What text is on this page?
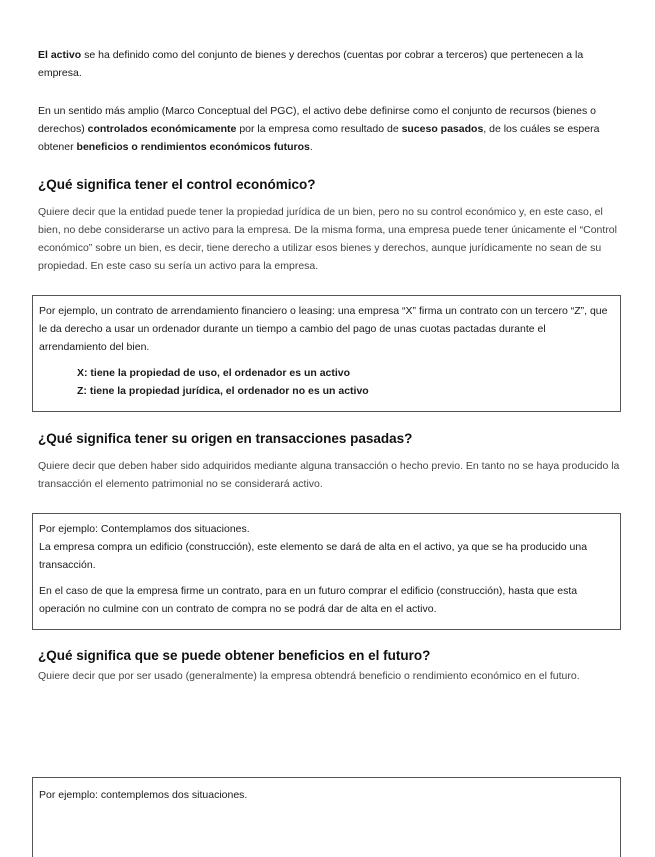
El activo se ha definido como del conjunto de bienes y derechos (cuentas por cobrar a terceros) que pertenecen a la empresa.

En un sentido más amplio (Marco Conceptual del PGC), el activo debe definirse como el conjunto de recursos (bienes o derechos) controlados económicamente por la empresa como resultado de suceso pasados, de los cuáles se espera obtener beneficios o rendimientos económicos futuros.

¿Qué significa tener el control económico?

Quiere decir que la entidad puede tener la propiedad jurídica de un bien, pero no su control económico y, en este caso, el bien, no debe considerarse un activo para la empresa. De la misma forma, una empresa puede tener únicamente el “Control económico” sobre un bien, es decir, tiene derecho a utilizar esos bienes y derechos, aunque jurídicamente no sean de su propiedad. En este caso su sería un activo para la empresa.

Por ejemplo, un contrato de arrendamiento financiero o leasing: una empresa “X” firma un contrato con un tercero “Z”, que le da derecho a usar un ordenador durante un tiempo a cambio del pago de unas cuotas pactadas durante el arrendamiento del bien.

X: tiene la propiedad de uso, el ordenador es un activo

Z: tiene la propiedad jurídica, el ordenador no es un activo

¿Qué significa tener su origen en transacciones pasadas?

Quiere decir que deben haber sido adquiridos mediante alguna transacción o hecho previo. En tanto no se haya producido la transacción el elemento patrimonial no se considerará activo.

Por ejemplo: Contemplamos dos situaciones.

La empresa compra un edificio (construcción), este elemento se dará de alta en el activo, ya que se ha producido una transacción.

En el caso de que la empresa firme un contrato, para en un futuro comprar el edificio (construcción), hasta que esta operación no culmine con un contrato de compra no se podrá dar de alta en el activo.

¿Qué significa que se puede obtener beneficios en el futuro?

Quiere decir que por ser usado (generalmente) la empresa obtendrá beneficio o rendimiento económico en el futuro.

Por ejemplo: contemplemos dos situaciones.
